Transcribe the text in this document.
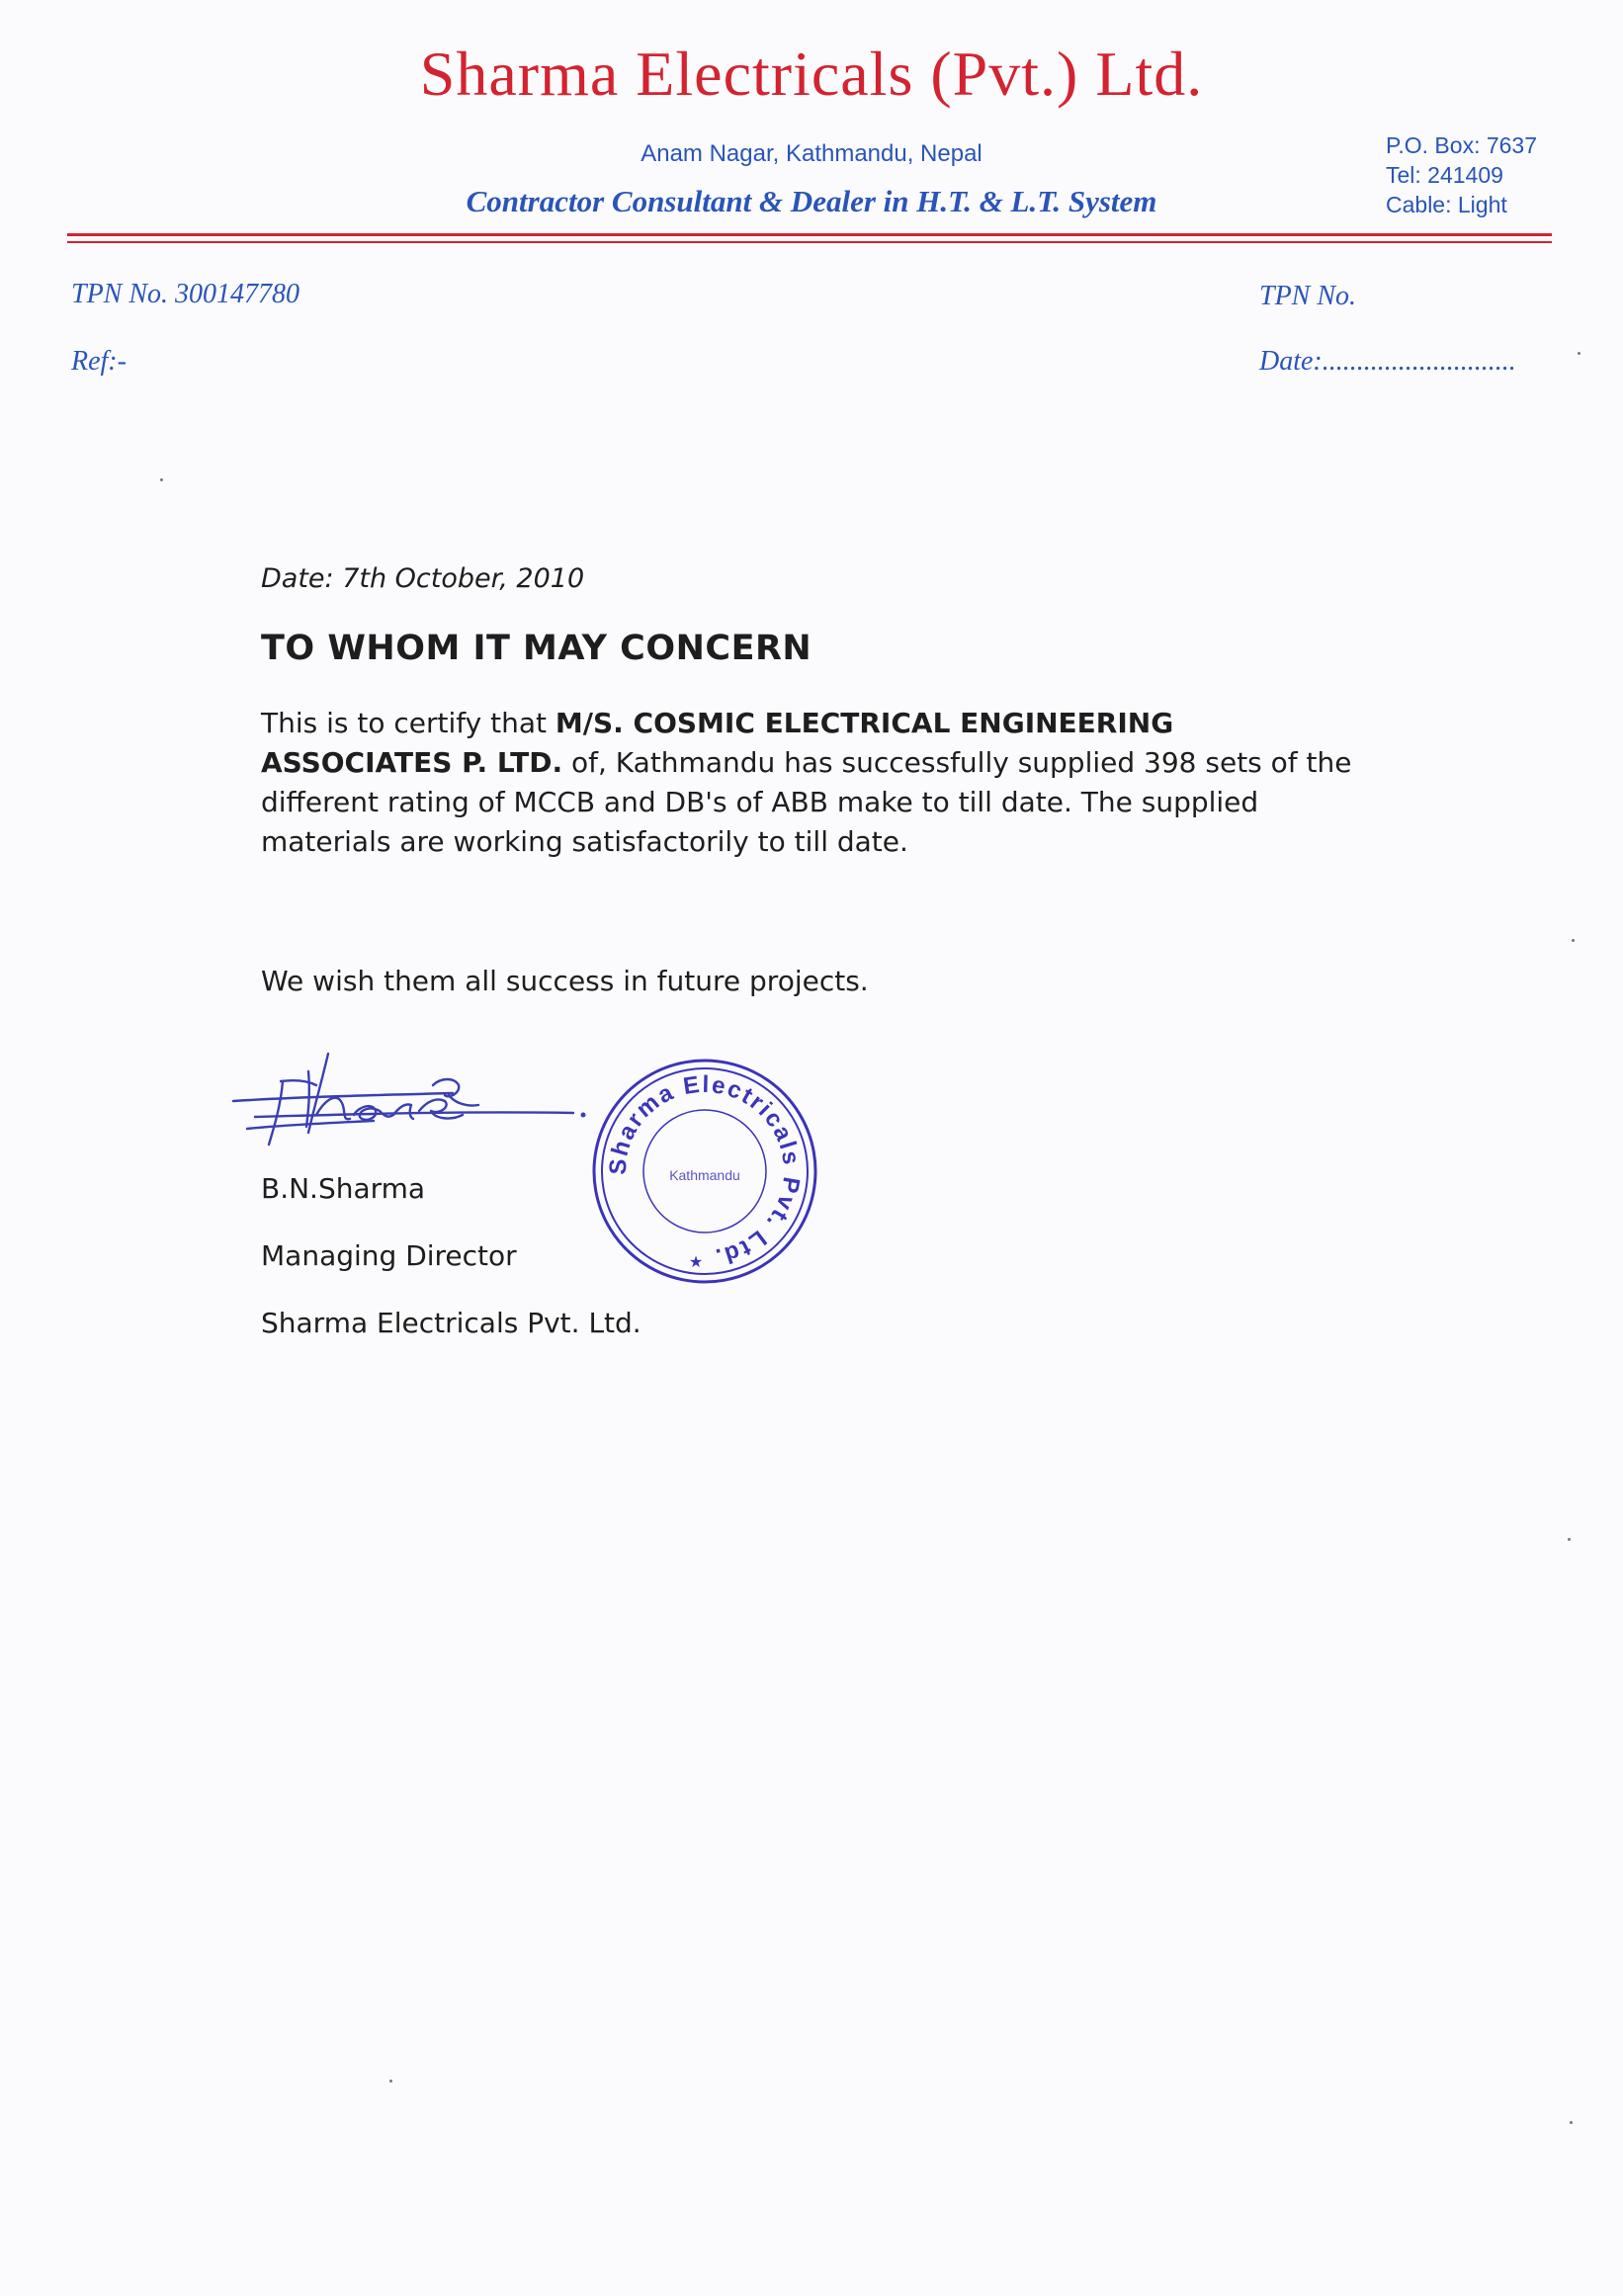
Sharma Electricals (Pvt.) Ltd.
Anam Nagar, Kathmandu, Nepal
Contractor Consultant & Dealer in H.T. & L.T. System
P.O. Box: 7637
Tel: 241409
Cable: Light
TPN No. 300147780
Ref:-
TPN No.
Date:............................
Date: 7th October, 2010
TO WHOM IT MAY CONCERN
This is to certify that M/S. COSMIC ELECTRICAL ENGINEERING ASSOCIATES P. LTD. of, Kathmandu has successfully supplied 398 sets of the different rating of MCCB and DB's of ABB make to till date. The supplied materials are working satisfactorily to till date.
We wish them all success in future projects.
B.N.Sharma
Managing Director
Sharma Electricals Pvt. Ltd.
Sharma Electricals Pvt. Ltd.
Kathmandu
★
